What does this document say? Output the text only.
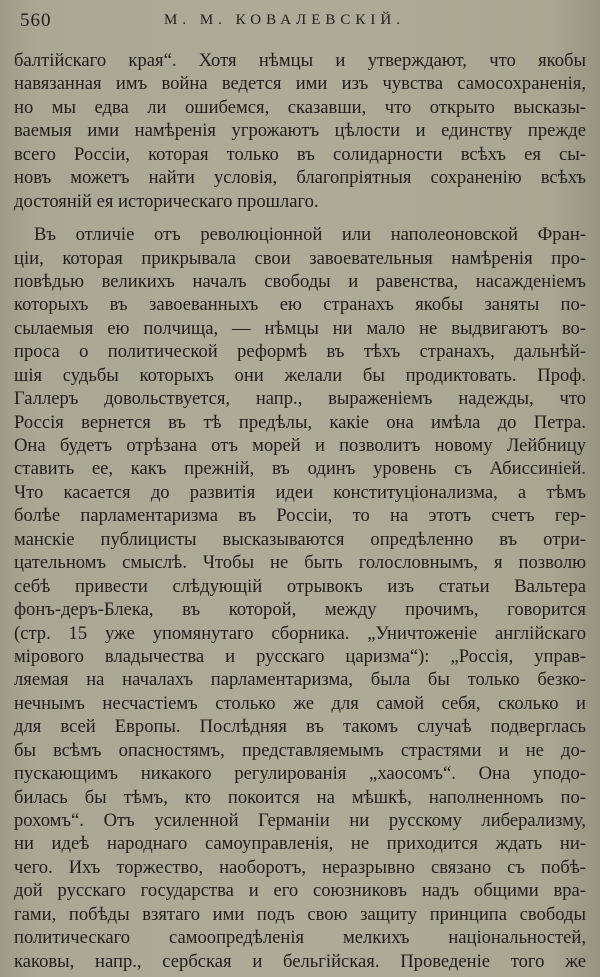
560	М. М. КОВАЛЕВСКІЙ.
балтійскаго края“. Хотя нѣмцы и утверждают, что якобы
навязанная имъ война ведется ими изъ чувства самосохраненія,
но мы едва ли ошибемся, сказавши, что открыто высказы-
ваемыя ими намѣренія угрожаютъ цѣлости и единству прежде
всего Россіи, которая только въ солидарности всѣхъ ея сы-
новъ можетъ найти условія, благопріятныя сохраненію всѣхъ
достояній ея историческаго прошлаго.
Въ отличіе отъ революціонной или наполеоновской Фран-
ціи, которая прикрывала свои завоевательныя намѣренія про-
повѣдью великихъ началъ свободы и равенства, насажденіемъ
которыхъ въ завоеванныхъ ею странахъ якобы заняты по-
сылаемыя ею полчища, — нѣмцы ни мало не выдвигаютъ во-
проса о политической реформѣ въ тѣхъ странахъ, дальнѣй-
шія судьбы которыхъ они желали бы продиктовать. Проф.
Галлеръ довольствуется, напр., выраженіемъ надежды, что
Россія вернется въ тѣ предѣлы, какіе она имѣла до Петра.
Она будетъ отрѣзана отъ морей и позволитъ новому Лейбницу
ставить ее, какъ прежній, въ одинъ уровень съ Абиссиніей.
Что касается до развитія идеи конституціонализма, а тѣмъ
болѣе парламентаризма въ Россіи, то на этотъ счетъ гер-
манскіе публицисты высказываются опредѣленно въ отри-
цательномъ смыслѣ. Чтобы не быть голословнымъ, я позволю
себѣ привести слѣдующій отрывокъ изъ статьи Вальтера
фонъ-деръ-Блека, въ которой, между прочимъ, говорится
(стр. 15 уже упомянутаго сборника. „Уничтоженіе англійскаго
мірового владычества и русскаго царизма“): „Россія, управ-
ляемая на началахъ парламентаризма, была бы только безко-
нечнымъ несчастіемъ столько же для самой себя, сколько и
для всей Европы. Послѣдняя въ такомъ случаѣ подверглась
бы всѣмъ опасностямъ, представляемымъ страстями и не до-
пускающимъ никакого регулированія „хаосомъ“. Она уподо-
билась бы тѣмъ, кто покоится на мѣшкѣ, наполненномъ по-
рохомъ“. Отъ усиленной Германіи ни русскому либерализму,
ни идеѣ народнаго самоуправленія, не приходится ждать ни-
чего. Ихъ торжество, наоборотъ, неразрывно связано съ побѣ-
дой русскаго государства и его союзниковъ надъ общими вра-
гами, побѣды взятаго ими подъ свою защиту принципа свободы
политическаго самоопредѣленія мелкихъ національностей,
каковы, напр., сербская и бельгійская. Проведеніе того же
